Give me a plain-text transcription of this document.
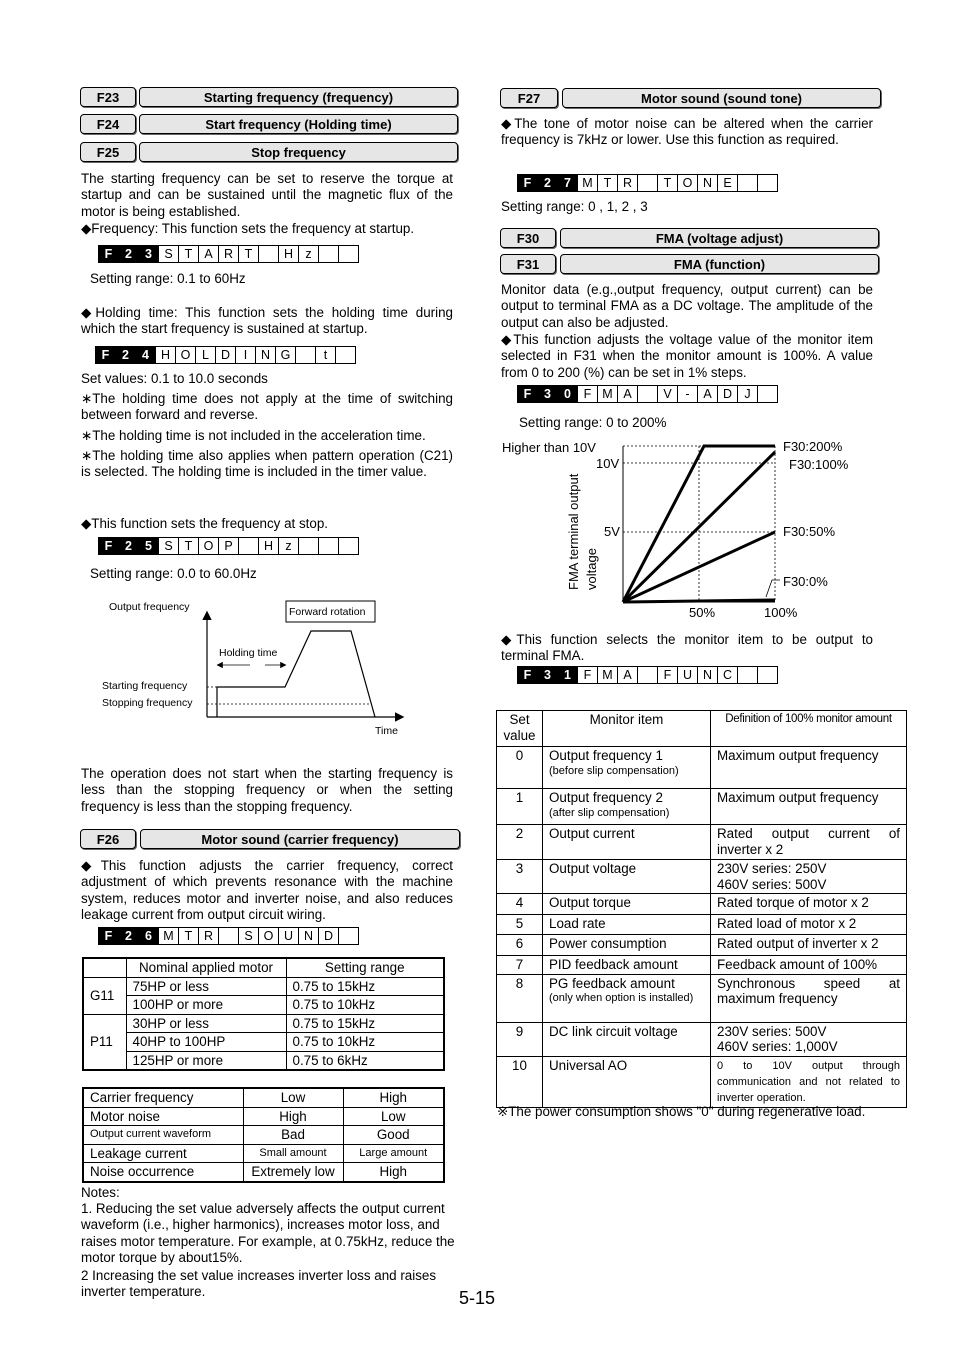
F23	Starting frequency (frequency)
F24	Start frequency (Holding time)
F25	Stop frequency
The starting frequency can be set to reserve the torque at startup and can be sustained until the magnetic flux of the motor is being established.
◆Frequency: This function sets the frequency at startup.
F	2	3 S T A R T	H z
Setting range: 0.1 to 60Hz
◆Holding time: This function sets the holding time during which the start frequency is sustained at startup.
F	2	4 H O L D	I	N G	t
Set values: 0.1 to 10.0 seconds
∗The holding time does not apply at the time of switching between forward and reverse.
∗The holding time is not included in the acceleration time.
∗The holding time also applies when pattern operation (C21) is selected. The holding time is included in the timer value.
◆This function sets the frequency at stop.
F	2	5 S T O P	H z
Setting range: 0.0 to 60.0Hz
Output frequency	Forward rotation
Holding time
Starting frequency
Stopping frequency
Time
The operation does not start when the starting frequency is less than the stopping frequency or when the setting frequency is less than the stopping frequency.
F26	Motor sound (carrier frequency)
◆This function adjusts the carrier frequency, correct adjustment of which prevents resonance with the machine system, reduces motor and inverter noise, and also reduces leakage current from output circuit wiring.
F	2	6 M T R	S O U N D
	Nominal applied motor	Setting range
G11	75HP or less	0.75 to 15kHz
	100HP or more	0.75 to 10kHz
P11	30HP or less	0.75 to 15kHz
	40HP to 100HP	0.75 to 10kHz
	125HP or more	0.75 to 6kHz
Carrier frequency	Low	High
Motor noise	High	Low
Output current waveform	Bad	Good
Leakage current	Small amount	Large amount
Noise occurrence	Extremely low	High
Notes:
1. Reducing the set value adversely affects the output current waveform (i.e., higher harmonics), increases motor loss, and raises motor temperature. For example, at 0.75kHz, reduce the motor torque by about15%.
2 Increasing the set value increases inverter loss and raises inverter temperature.	5-15
F27	Motor sound (sound tone)
◆The tone of motor noise can be altered when the carrier frequency is 7kHz or lower. Use this function as required.
F	2	7 M T R	T O N E
Setting range: 0 , 1, 2 , 3
F30	FMA (voltage adjust)
F31	FMA (function)
Monitor data (e.g.,output frequency, output current) can be output to terminal FMA as a DC voltage. The amplitude of the output can also be adjusted.
◆This function adjusts the voltage value of the monitor item selected in F31 when the monitor amount is 100%. A value from 0 to 200 (%) can be set in 1% steps.
F	3	0	F M A	V	-	A D J
Setting range: 0 to 200%
Higher than 10V
10V
5V
FMA terminal output voltage
50%	100%
F30:200%
F30:100%
F30:50%
F30:0%
◆This function selects the monitor item to be output to terminal FMA.
F	3	1	F M A	F U N C
Set value	Monitor item	Definition of 100% monitor amount
0	Output frequency 1
(before slip compensation)	Maximum output frequency
1	Output frequency 2
(after slip compensation)	Maximum output frequency
2	Output current	Rated output current of inverter x 2
3	Output voltage	230V series: 250V
460V series: 500V
4	Output torque	Rated torque of motor x 2
5	Load rate	Rated load of motor x 2
6	Power consumption	Rated output of inverter x 2
7	PID feedback amount	Feedback amount of 100%
8	PG feedback amount
(only when option is installed)	Synchronous speed at maximum frequency
9	DC link circuit voltage	230V series: 500V
460V series: 1,000V
10	Universal AO	0 to 10V output through communication and not related to inverter operation.
※The power consumption shows "0" during regenerative load.
